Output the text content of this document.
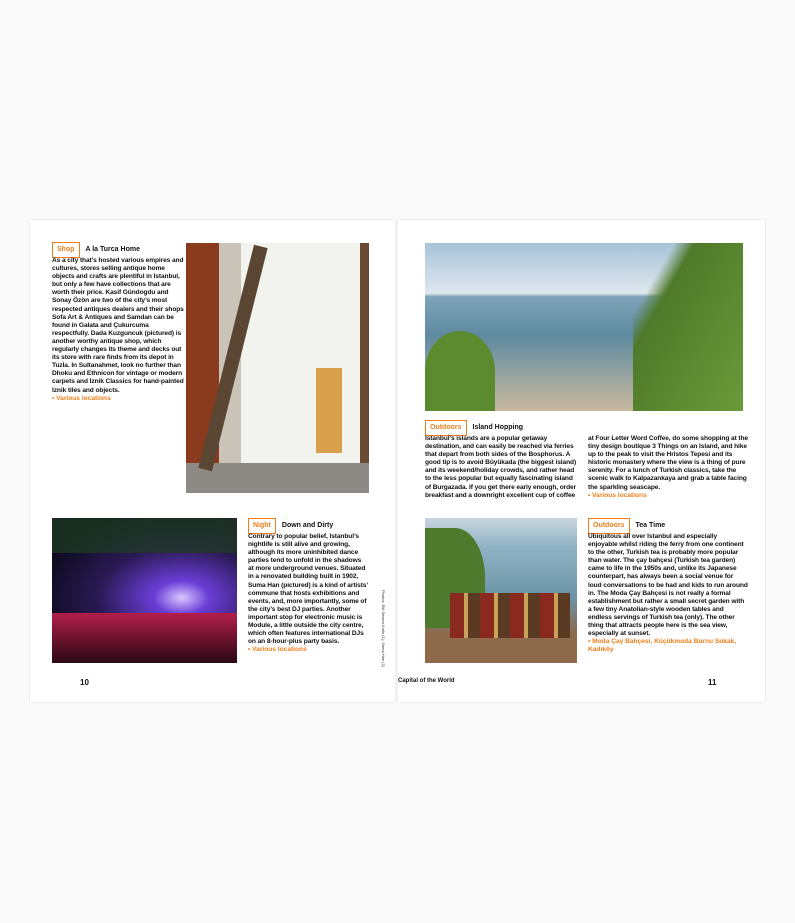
Shop A la Turca Home
As a city that’s hosted various empires and cultures, stores selling antique home objects and crafts are plentiful in Istanbul, but only a few have collections that are worth their price. Kasif Gündogdu and Sonay Özön are two of the city’s most respected antiques dealers and their shops Sofa Art & Antiques and Samdan can be found in Galata and Çukurcuma respectfully. Dada Kuzguncuk (pictured) is another worthy antique shop, which regularly changes its theme and decks out its store with rare finds from its depot in Tuzla. In Sultanahmet, look no further than Dhoku and Ethnicon for vintage or modern carpets and Iznik Classics for hand-painted Iznik tiles and objects.
• Various locations
Night Down and Dirty
Contrary to popular belief, Istanbul’s nightlife is still alive and growing, although its more uninhibited dance parties tend to unfold in the shadows at more underground venues. Situated in a renovated building built in 1902, Suma Han (pictured) is a kind of artists’ commune that hosts exhibitions and events, and, more importantly, some of the city’s best DJ parties. Another important stop for electronic music is Module, a little outside the city centre, which often features international DJs on an 8-hour-plus party basis.
• Various locations	Photos: Elif Sevem Kutlu (1); Suma Han (2)
10
Outdoors Island Hopping
Istanbul’s islands are a popular getaway destination, and can easily be reached via ferries that depart from both sides of the Bosphorus. A good tip is to avoid Büyükada (the biggest island) and its weekend/holiday crowds, and rather head to the less popular but equally fascinating island of Burgazada. If you get there early enough, order breakfast and a downright excellent cup of coffee
at Four Letter Word Coffee, do some shopping at the tiny design boutique 3 Things on an Island, and hike up to the peak to visit the Hristos Tepesi and its historic monastery where the view is a thing of pure serenity. For a lunch of Turkish classics, take the scenic walk to Kalpazankaya and grab a table facing the sparkling seascape.
• Various locations
Outdoors Tea Time
Ubiquitous all over Istanbul and especially enjoyable whilst riding the ferry from one continent to the other, Turkish tea is probably more popular than water. The çay bahçesi (Turkish tea garden) came to life in the 1950s and, unlike its Japanese counterpart, has always been a social venue for loud conversations to be had and kids to run around in. The Moda Çay Bahçesi is not really a formal establishment but rather a small secret garden with a few tiny Anatolian-style wooden tables and endless servings of Turkish tea (only). The other thing that attracts people here is the sea view, especially at sunset.
• Moda Çay Bahçesi, Küçükmoda Burnu Sokak, Kadıköy
Capital of the World	11
